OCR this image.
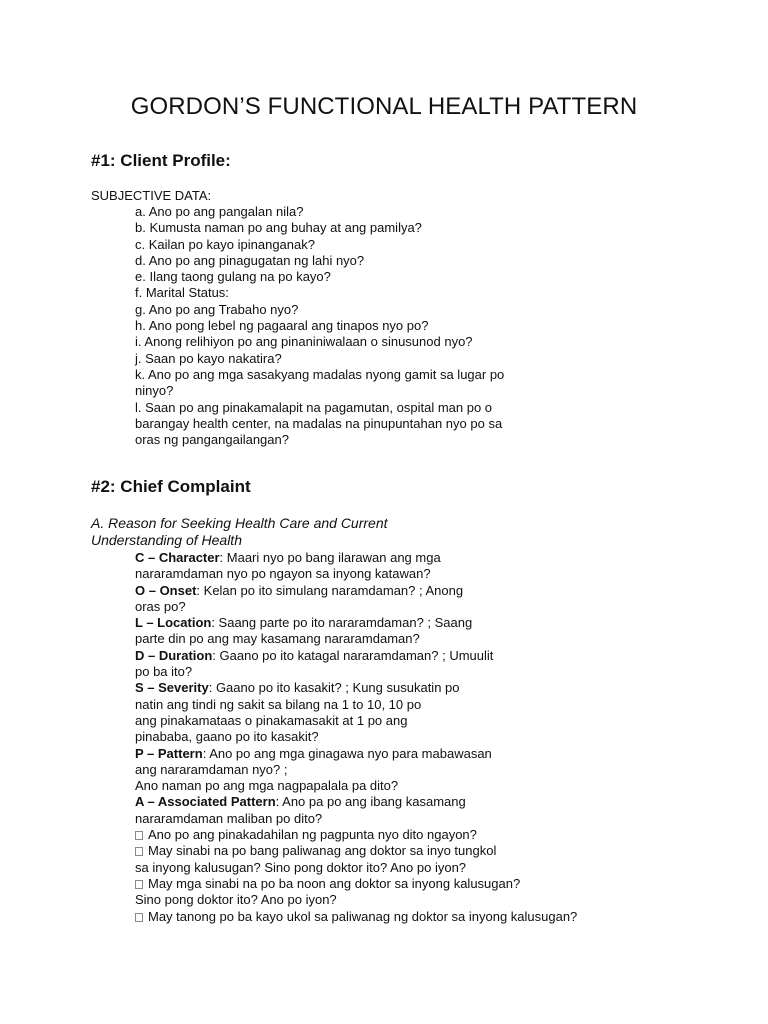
GORDON’S FUNCTIONAL HEALTH PATTERN
#1: Client Profile:
SUBJECTIVE DATA:
a. Ano po ang pangalan nila?
b. Kumusta naman po ang buhay at ang pamilya?
c. Kailan po kayo ipinanganak?
d. Ano po ang pinagugatan ng lahi nyo?
e. Ilang taong gulang na po kayo?
f. Marital Status:
g. Ano po ang Trabaho nyo?
h. Ano pong lebel ng pagaaral ang tinapos nyo po?
i. Anong relihiyon po ang pinaniniwalaan o sinusunod nyo?
j. Saan po kayo nakatira?
k. Ano po ang mga sasakyang madalas nyong gamit sa lugar po
ninyo?
l. Saan po ang pinakamalapit na pagamutan, ospital man po o
barangay health center, na madalas na pinupuntahan nyo po sa
oras ng pangangailangan?
#2: Chief Complaint
A. Reason for Seeking Health Care and Current
Understanding of Health
C – Character: Maari nyo po bang ilarawan ang mga
nararamdaman nyo po ngayon sa inyong katawan?
O – Onset: Kelan po ito simulang naramdaman? ; Anong
oras po?
L – Location: Saang parte po ito nararamdaman? ; Saang
parte din po ang may kasamang nararamdaman?
D – Duration: Gaano po ito katagal nararamdaman? ; Umuulit
po ba ito?
S – Severity: Gaano po ito kasakit? ; Kung susukatin po
natin ang tindi ng sakit sa bilang na 1 to 10, 10 po
ang pinakamataas o pinakamasakit at 1 po ang
pinababa, gaano po ito kasakit?
P – Pattern: Ano po ang mga ginagawa nyo para mabawasan
ang nararamdaman nyo? ;
Ano naman po ang mga nagpapalala pa dito?
A – Associated Pattern: Ano pa po ang ibang kasamang
nararamdaman maliban po dito?
Ano po ang pinakadahilan ng pagpunta nyo dito ngayon?
May sinabi na po bang paliwanag ang doktor sa inyo tungkol
sa inyong kalusugan? Sino pong doktor ito? Ano po iyon?
May mga sinabi na po ba noon ang doktor sa inyong kalusugan?
Sino pong doktor ito? Ano po iyon?
May tanong po ba kayo ukol sa paliwanag ng doktor sa inyong kalusugan?
